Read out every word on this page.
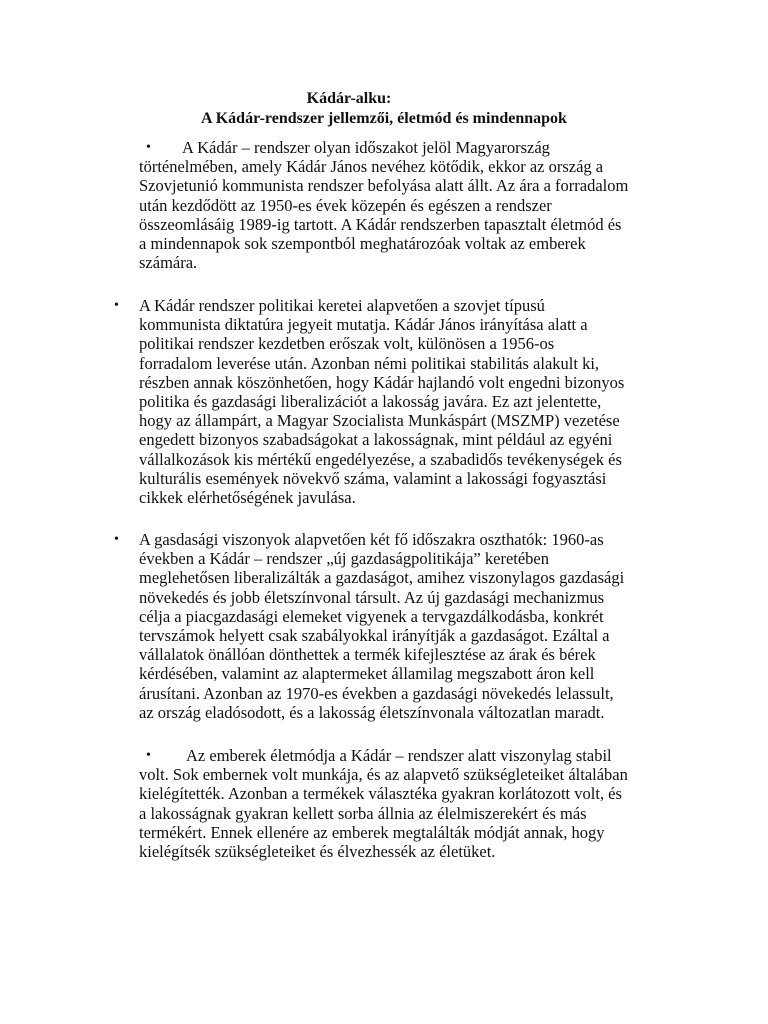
Kádár-alku:
A Kádár-rendszer jellemzői, életmód és mindennapok
•	A Kádár – rendszer olyan időszakot jelöl Magyarország
történelmében, amely Kádár János nevéhez kötődik, ekkor az ország a
Szovjetunió kommunista rendszer befolyása alatt állt. Az ára a forradalom
után kezdődött az 1950-es évek közepén és egészen a rendszer
összeomlásáig 1989-ig tartott. A Kádár rendszerben tapasztalt életmód és
a mindennapok sok szempontból meghatározóak voltak az emberek
számára.
• A Kádár rendszer politikai keretei alapvetően a szovjet típusú
kommunista diktatúra jegyeit mutatja. Kádár János irányítása alatt a
politikai rendszer kezdetben erőszak volt, különösen a 1956-os
forradalom leverése után. Azonban némi politikai stabilitás alakult ki,
részben annak köszönhetően, hogy Kádár hajlandó volt engedni bizonyos
politika és gazdasági liberalizációt a lakosság javára. Ez azt jelentette,
hogy az állampárt, a Magyar Szocialista Munkáspárt (MSZMP) vezetése
engedett bizonyos szabadságokat a lakosságnak, mint például az egyéni
vállalkozások kis mértékű engedélyezése, a szabadidős tevékenységek és
kulturális események növekvő száma, valamint a lakossági fogyasztási
cikkek elérhetőségének javulása.
• A gasdasági viszonyok alapvetően két fő időszakra oszthatók: 1960-as
években a Kádár – rendszer „új gazdaságpolitikája” keretében
meglehetősen liberalizálták a gazdaságot, amihez viszonylagos gazdasági
növekedés és jobb életszínvonal társult. Az új gazdasági mechanizmus
célja a piacgazdasági elemeket vigyenek a tervgazdálkodásba, konkrét
tervszámok helyett csak szabályokkal irányítják a gazdaságot. Ezáltal a
vállalatok önállóan dönthettek a termék kifejlesztése az árak és bérek
kérdésében, valamint az alaptermeket államilag megszabott áron kell
árusítani. Azonban az 1970-es években a gazdasági növekedés lelassult,
az ország eladósodott, és a lakosság életszínvonala változatlan maradt.
•	Az emberek életmódja a Kádár – rendszer alatt viszonylag stabil
volt. Sok embernek volt munkája, és az alapvető szükségleteiket általában
kielégítették. Azonban a termékek választéka gyakran korlátozott volt, és
a lakosságnak gyakran kellett sorba állnia az élelmiszerekért és más
termékért. Ennek ellenére az emberek megtalálták módját annak, hogy
kielégítsék szükségleteiket és élvezhessék az életüket.
